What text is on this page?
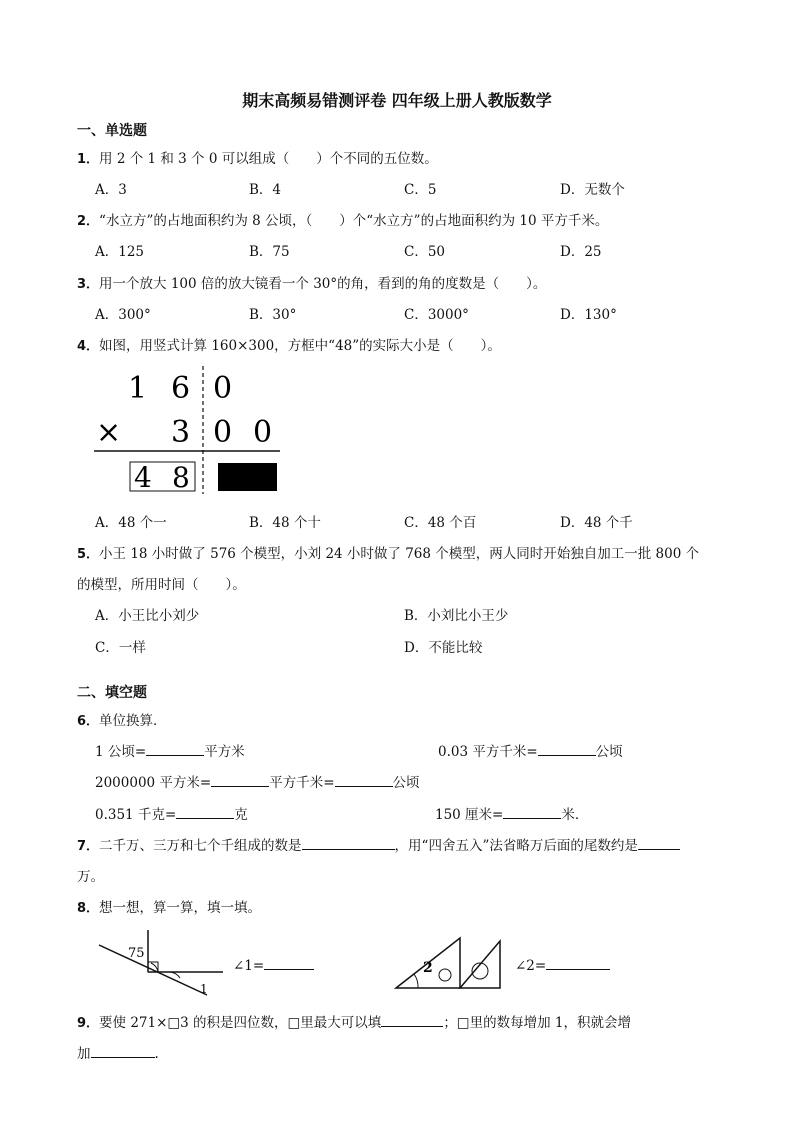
期末高频易错测评卷 四年级上册人教版数学
一、单选题
1．用 2 个 1 和 3 个 0 可以组成（　　）个不同的五位数。
A．3	B．4	C．5	D．无数个
2．“水立方”的占地面积约为 8 公顷，（　　）个“水立方”的占地面积约为 10 平方千米。
A．125	B．75	C．50	D．25
3．用一个放大 100 倍的放大镜看一个 30°的角，看到的角的度数是（　　）。
A．300°	B．30°	C．3000°	D．130°
4．如图，用竖式计算 160×300，方框中“48”的实际大小是（　　）。
1 6 0
× 3 0 0
4 8
A．48 个一	B．48 个十	C．48 个百	D．48 个千
5．小王 18 小时做了 576 个模型，小刘 24 小时做了 768 个模型，两人同时开始独自加工一批 800 个
的模型，所用时间（　　）。
A．小王比小刘少	B．小刘比小王少
C．一样	D．不能比较
二、填空题
6．单位换算．
1 公顷=	平方米	0.03 平方千米=	公顷
2000000 平方米=	平方千米=	公顷
0.351 千克=	克	150 厘米=	米．
7．二千万、三万和七个千组成的数是	，用“四舍五入”法省略万后面的尾数约是
万。
8．想一想，算一算，填一填。
75
1
∠1=	2	∠2=
9．要使 271×□3 的积是四位数，□里最大可以填	；□里的数每增加 1，积就会增
加	.
